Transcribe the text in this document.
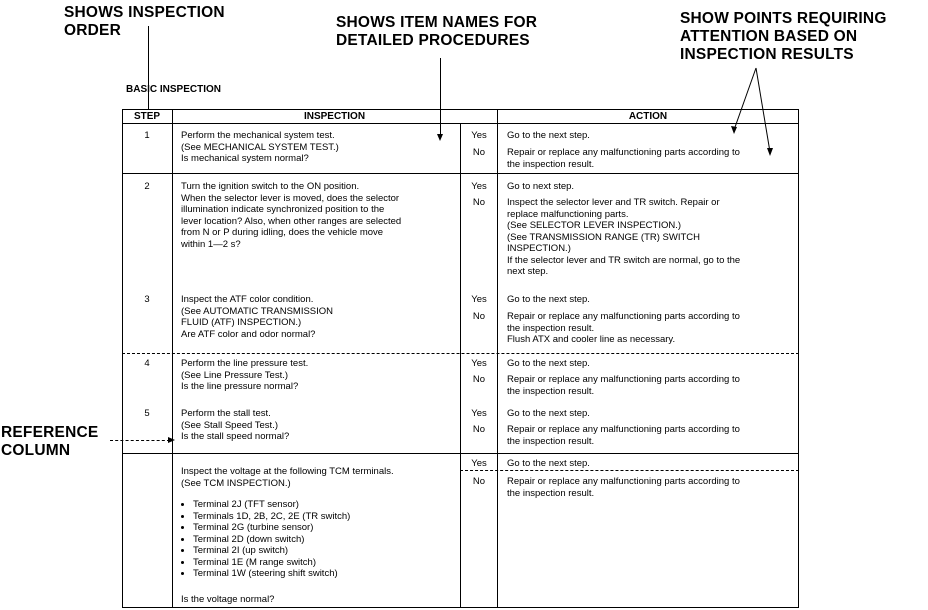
SHOWS INSPECTION
ORDER	SHOWS ITEM NAMES FOR
DETAILED PROCEDURES

SHOW POINTS REQUIRING
ATTENTION BASED ON
INSPECTION RESULTS

REFERENCE
COLUMN

BASIC INSPECTION

STEP	INSPECTION	ACTION

1	Perform the mechanical system test.
(See MECHANICAL SYSTEM TEST.)
Is mechanical system normal?

Yes	Go to the next step.

No	Repair or replace any malfunctioning parts according to
the inspection result.

2	Turn the ignition switch to the ON position.
When the selector lever is moved, does the selector
illumination indicate synchronized position to the
lever location? Also, when other ranges are selected
from N or P during idling, does the vehicle move
within 1—2 s?

Yes	Go to next step.

No	Inspect the selector lever and TR switch. Repair or
replace malfunctioning parts.
(See SELECTOR LEVER INSPECTION.)
(See TRANSMISSION RANGE (TR) SWITCH
INSPECTION.)
If the selector lever and TR switch are normal, go to the
next step.

3	Inspect the ATF color condition.
(See AUTOMATIC TRANSMISSION
FLUID (ATF) INSPECTION.)
Are ATF color and odor normal?

Yes	Go to the next step.

No	Repair or replace any malfunctioning parts according to
the inspection result.
Flush ATX and cooler line as necessary.

4	Perform the line pressure test.
(See Line Pressure Test.)
Is the line pressure normal?

Yes	Go to the next step.

No	Repair or replace any malfunctioning parts according to
the inspection result.

5	Perform the stall test.
(See Stall Speed Test.)
Is the stall speed normal?

Yes	Go to the next step.

No	Repair or replace any malfunctioning parts according to
the inspection result.

Inspect the voltage at the following TCM terminals.
(See TCM INSPECTION.)

• Terminal 2J (TFT sensor)
• Terminals 1D, 2B, 2C, 2E (TR switch)
• Terminal 2G (turbine sensor)
• Terminal 2D (down switch)
• Terminal 2I (up switch)
• Terminal 1E (M range switch)
• Terminal 1W (steering shift switch)

Is the voltage normal?

Yes	Go to the next step.

No	Repair or replace any malfunctioning parts according to
the inspection result.
